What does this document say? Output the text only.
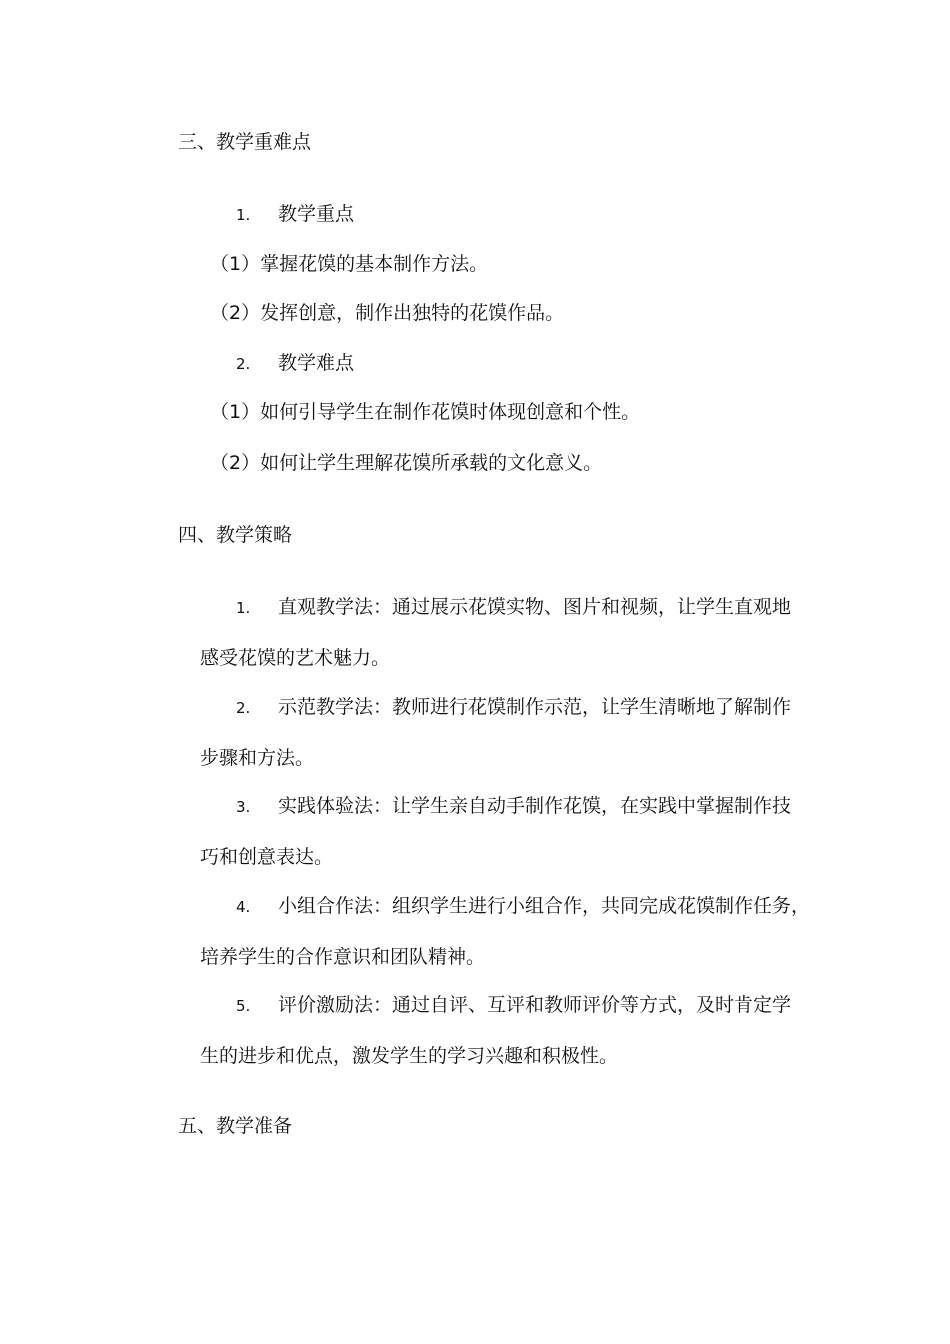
三、教学重难点
1. 教学重点
（1）掌握花馍的基本制作方法。
（2）发挥创意，制作出独特的花馍作品。
2. 教学难点
（1）如何引导学生在制作花馍时体现创意和个性。
（2）如何让学生理解花馍所承载的文化意义。
四、教学策略
1. 直观教学法：通过展示花馍实物、图片和视频，让学生直观地
感受花馍的艺术魅力。
2. 示范教学法：教师进行花馍制作示范，让学生清晰地了解制作
步骤和方法。
3. 实践体验法：让学生亲自动手制作花馍，在实践中掌握制作技
巧和创意表达。
4. 小组合作法：组织学生进行小组合作，共同完成花馍制作任务，
培养学生的合作意识和团队精神。
5. 评价激励法：通过自评、互评和教师评价等方式，及时肯定学
生的进步和优点，激发学生的学习兴趣和积极性。
五、教学准备
